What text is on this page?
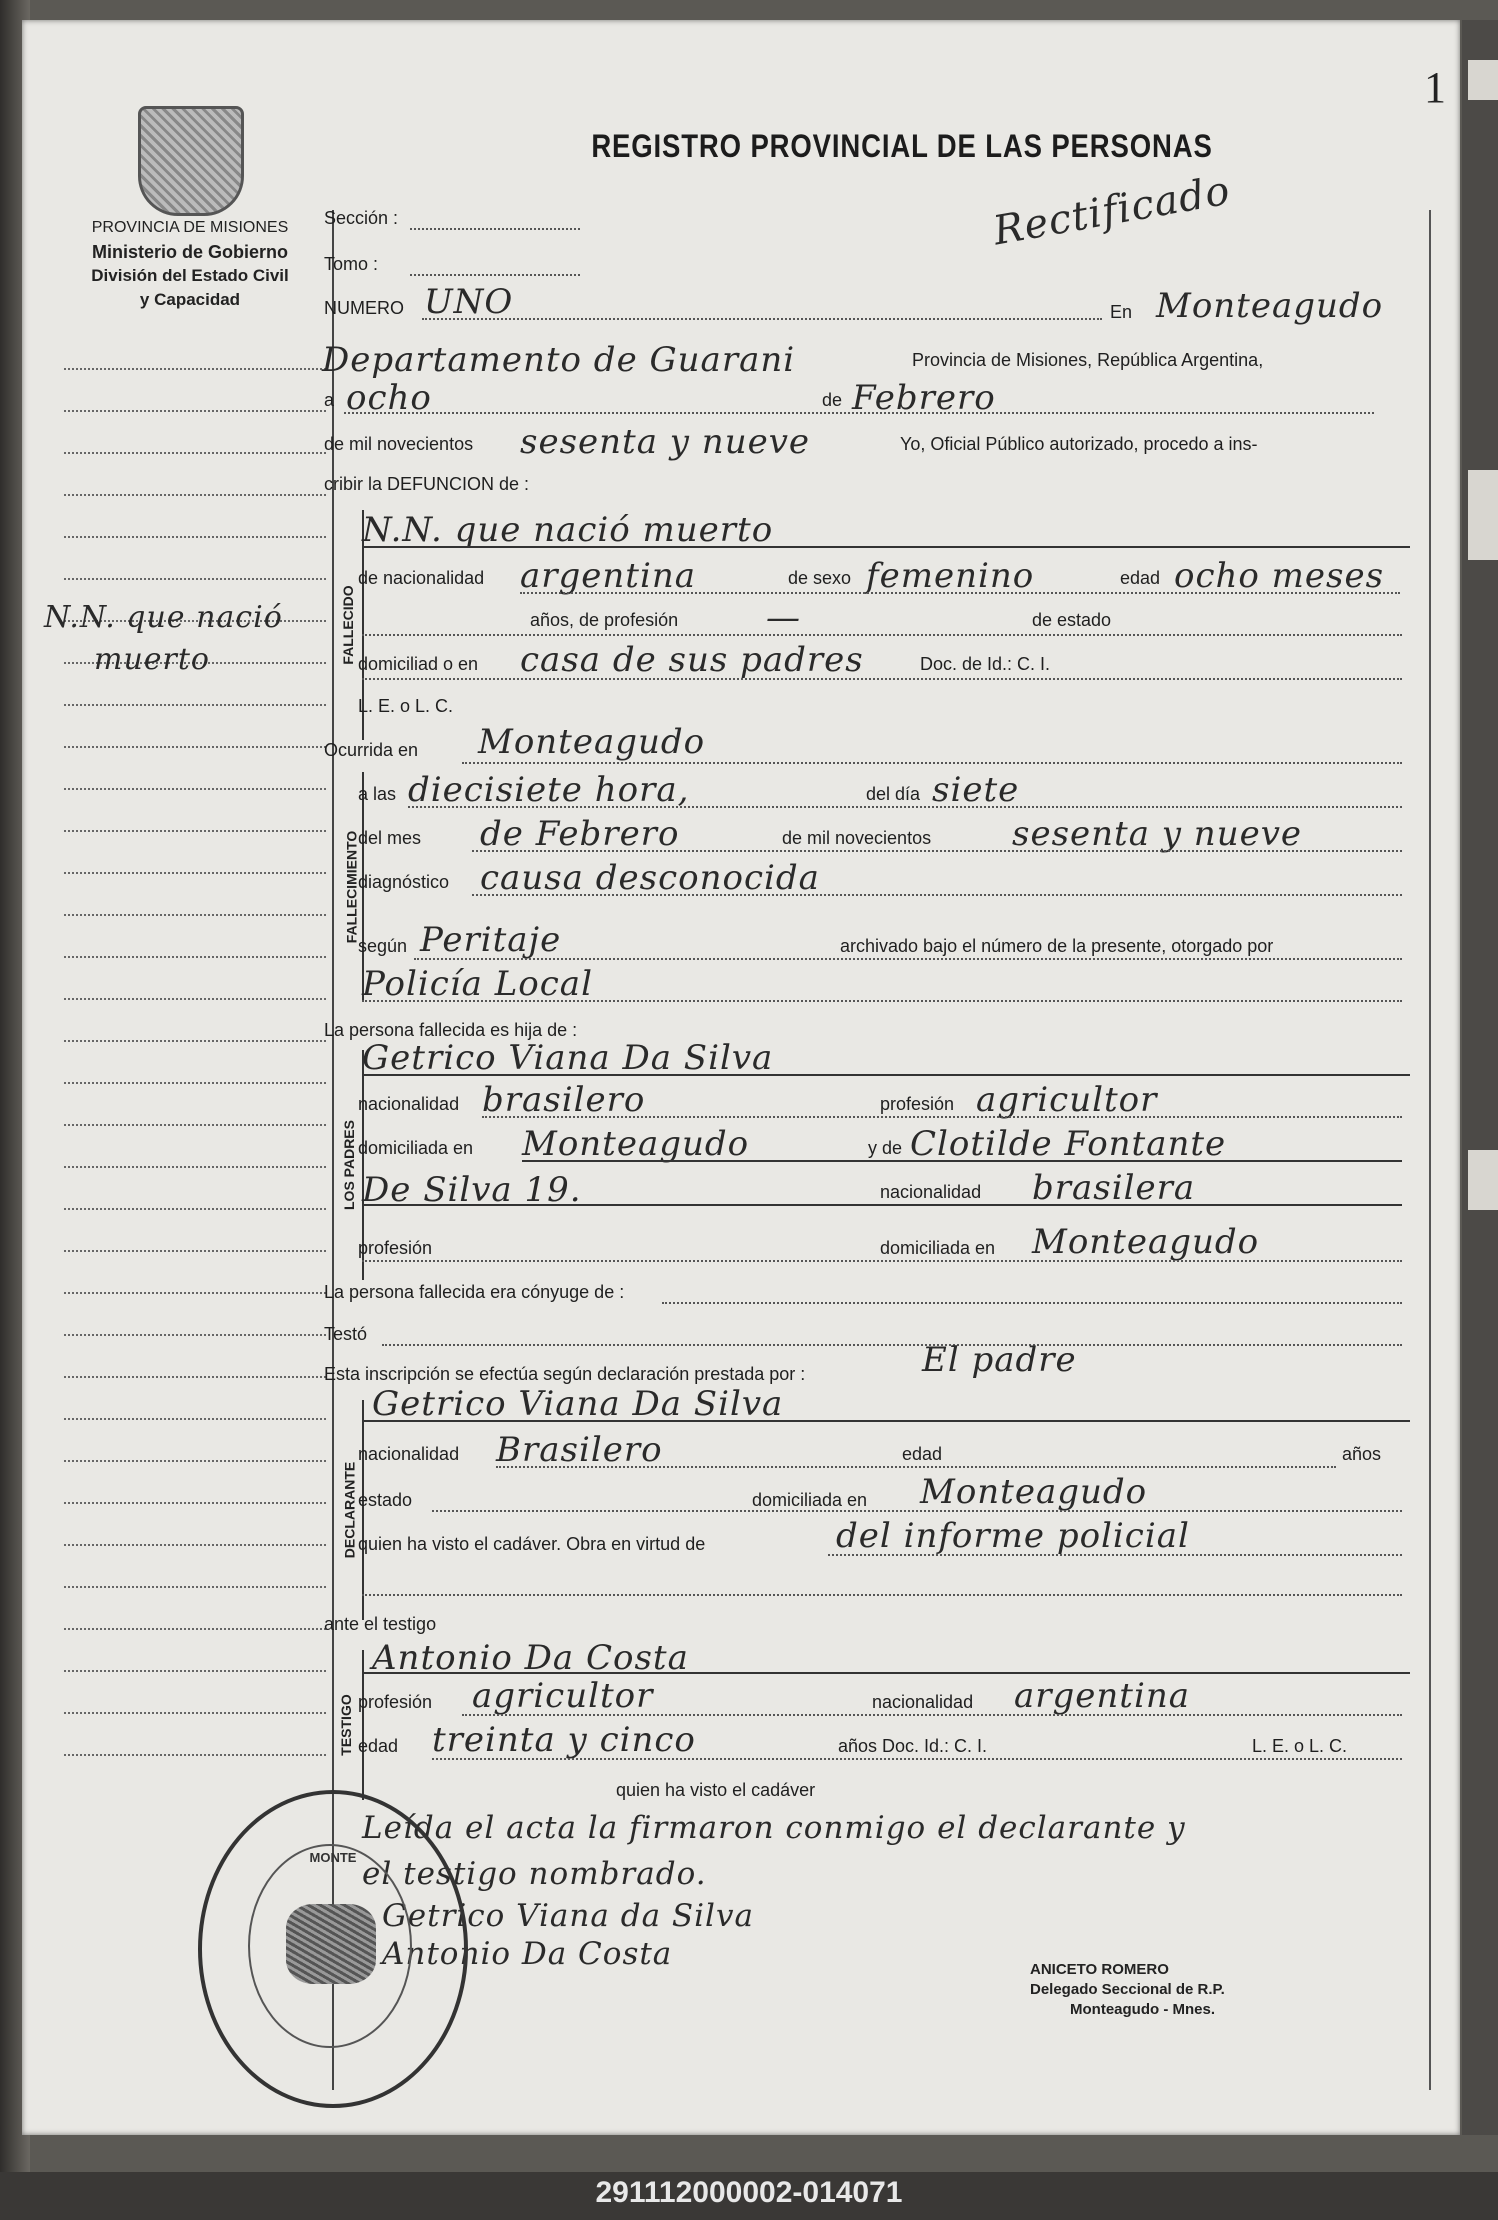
1
PROVINCIA DE MISIONES
Ministerio de Gobierno
División del Estado Civil
y Capacidad
REGISTRO PROVINCIAL DE LAS PERSONAS
Rectificado
N.N. que nació
muerto
Sección :
Tomo :
NUMERO UNO	En Monteagudo
Departamento de Guarani	Provincia de Misiones, República Argentina,
a ocho	de Febrero
de mil novecientos sesenta y nueve	Yo, Oficial Público autorizado, procedo a ins-
cribir la DEFUNCION de :
FALLECIDO
N.N. que nació muerto
de nacionalidad argentina	de sexo femenino	edad ocho meses
años, de profesión	—	de estado
domiciliad o en casa de sus padres	Doc. de Id.: C. I.
L. E. o L. C.
Ocurrida en Monteagudo
FALLECIMIENTO
a las diecisiete hora,	del día siete
del mes de Febrero	de mil novecientos sesenta y nueve
diagnóstico causa desconocida
según Peritaje	archivado bajo el número de la presente, otorgado por
Policía Local
La persona fallecida es hija de :
LOS PADRES
Getrico Viana Da Silva
nacionalidad brasilero	profesión agricultor
domiciliada en Monteagudo	y de Clotilde Fontante
De Silva 19.	nacionalidad brasilera
profesión	domiciliada en Monteagudo
La persona fallecida era cónyuge de :
Testó
Esta inscripción se efectúa según declaración prestada por :	El padre
DECLARANTE
Getrico Viana Da Silva
nacionalidad Brasilero	edad	años
estado	domiciliada en Monteagudo
quien ha visto el cadáver. Obra en virtud de	del informe policial
ante el testigo
TESTIGO
Antonio Da Costa
profesión agricultor	nacionalidad argentina
edad treinta y cinco	años Doc. Id.: C. I.	L. E. o L. C.
quien ha visto el cadáver
Leída el acta la firmaron conmigo el declarante y
el testigo nombrado.
Getrico Viana da Silva
Antonio Da Costa	ANICETO ROMERO
Delegado Seccional de R.P.
Monteagudo - Mnes.
MONTE
291112000002-014071
